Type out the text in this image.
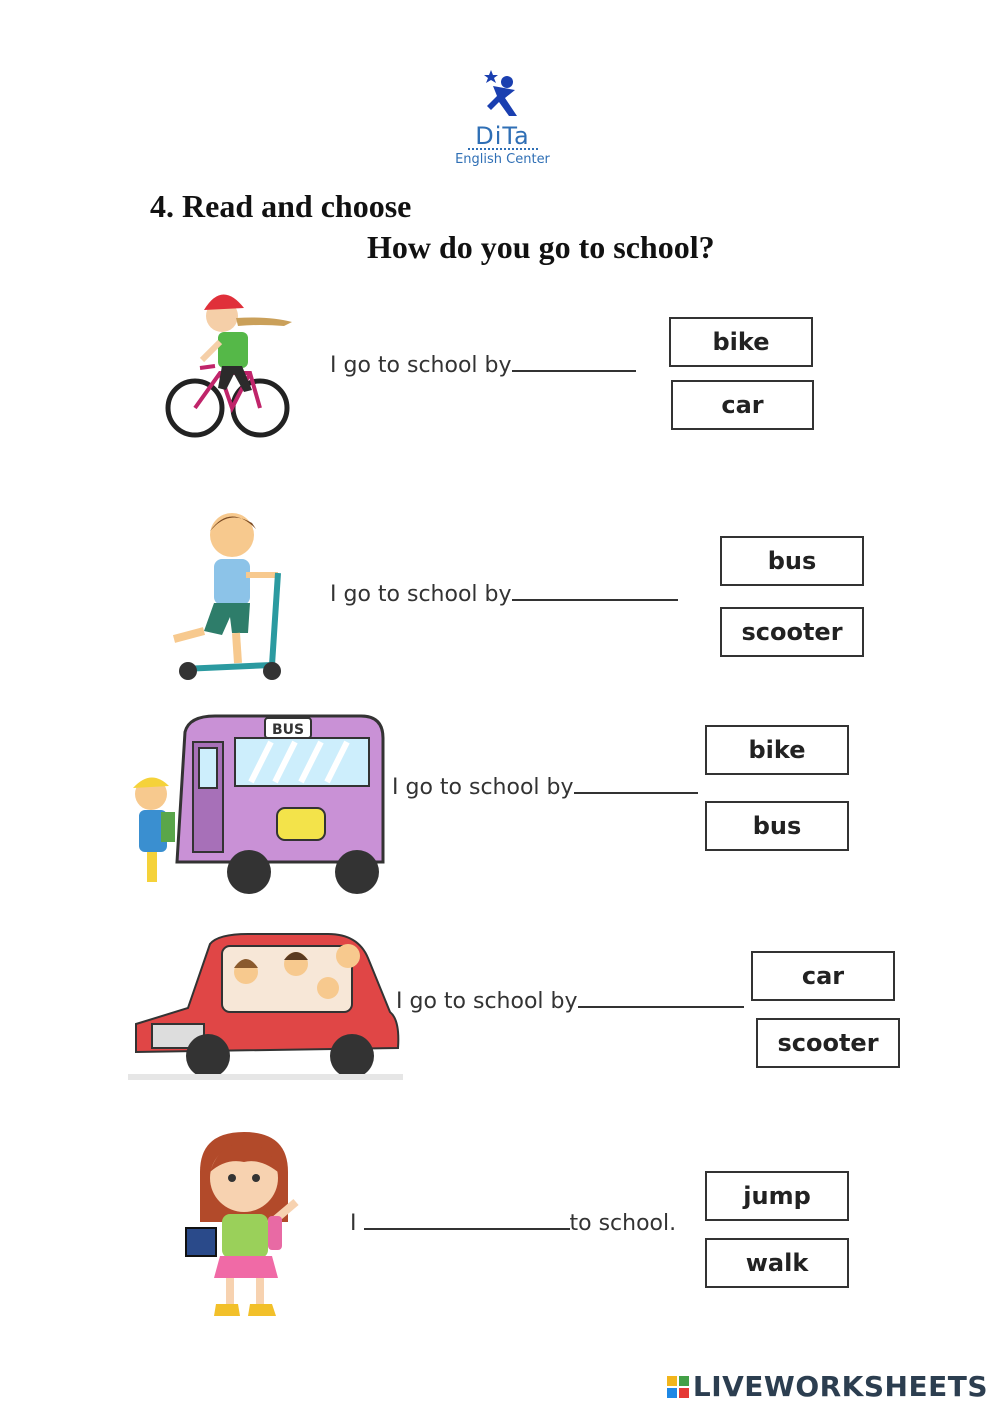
DiTa
English Center
4. Read and choose
How do you go to school?
I go to school by
bike
car
I go to school by
bus
scooter
BUS
I go to school by
bike
bus
I go to school by
car
scooter
I	to school.
jump
walk
LIVEWORKSHEETS
